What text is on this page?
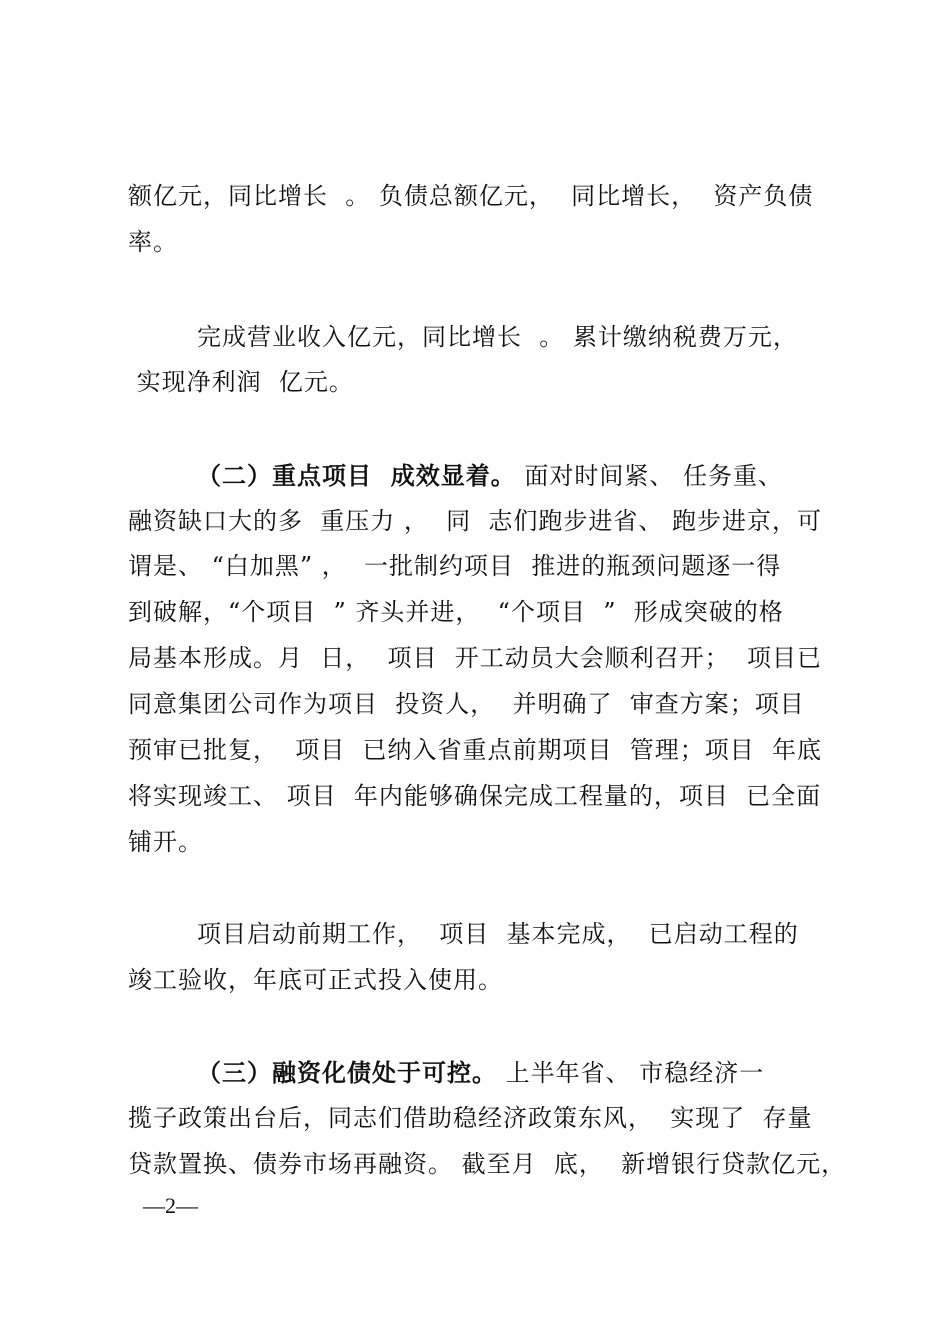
额亿元，同比增长  。 负债总额亿元，  同比增长，  资产负债
率。
完成营业收入亿元，同比增长  。 累计缴纳税费万元，
实现净利润  亿元。
（二）重点项目  成效显着。 面对时间紧、 任务重、
融资缺口大的多  重压力 ，  同  志们跑步进省、 跑步进京，可
谓是、 “白加黑” ，  一批制约项目  推进的瓶颈问题逐一得
到破解，“个项目  ” 齐头并进，  “个项目  ”  形成突破的格
局基本形成。月  日，  项目  开工动员大会顺利召开；  项目已
同意集团公司作为项目  投资人，  并明确了  审查方案；项目
预审已批复，  项目  已纳入省重点前期项目  管理；项目  年底
将实现竣工、 项目  年内能够确保完成工程量的，项目  已全面
铺开。
项目启动前期工作，  项目  基本完成，  已启动工程的
竣工验收，年底可正式投入使用。
（三）融资化债处于可控。 上半年省、 市稳经济一
揽子政策出台后，同志们借助稳经济政策东风，  实现了  存量
贷款置换、债券市场再融资。 截至月  底，  新增银行贷款亿元，
—2—
